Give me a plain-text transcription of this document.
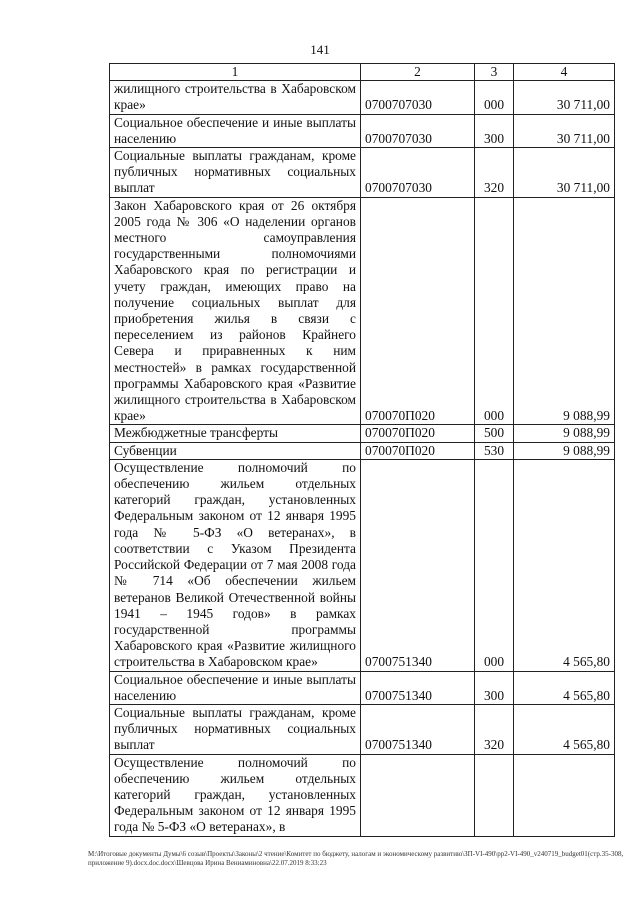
141
1	2	3	4
жилищного строительства в Хабаровском крае»	0700707030	000	30 711,00
Социальное обеспечение и иные выплаты населению	0700707030	300	30 711,00
Социальные выплаты гражданам, кроме публичных нормативных социальных выплат	0700707030	320	30 711,00
Закон Хабаровского края от 26 октября 2005 года № 306 «О наделении органов местного самоуправления государственными полномочиями Хабаровского края по регистрации и учету граждан, имеющих право на получение социальных выплат для приобретения жилья в связи с переселением из районов Крайнего Севера и приравненных к ним местностей» в рамках государственной программы Хабаровского края «Развитие жилищного строительства в Хабаровском крае»	070070П020	000	9 088,99
Межбюджетные трансферты	070070П020	500	9 088,99
Субвенции	070070П020	530	9 088,99
Осуществление полномочий по обеспечению жильем отдельных категорий граждан, установленных Федеральным законом от 12 января 1995 года № 5-ФЗ «О ветеранах», в соответствии с Указом Президента Российской Федерации от 7 мая 2008 года № 714 «Об обеспечении жильем ветеранов Великой Отечественной войны 1941 – 1945 годов» в рамках государственной программы Хабаровского края «Развитие жилищного строительства в Хабаровском крае»	0700751340	000	4 565,80
Социальное обеспечение и иные выплаты населению	0700751340	300	4 565,80
Социальные выплаты гражданам, кроме публичных нормативных социальных выплат	0700751340	320	4 565,80
Осуществление полномочий по обеспечению жильем отдельных категорий граждан, установленных Федеральным законом от 12 января 1995 года № 5-ФЗ «О ветеранах», в			
M:\Итоговые документы Думы\6 созыв\Проекты\Законы\2 чтение\Комитет по бюджету, налогам и экономическому развитию\ЗП-VI-490\рр2-VI-490_v240719_budget01(стр.35-308, приложение 9).docx.doc.docx\Шевцова Ирина Вениаминовна\22.07.2019 8:33:23
